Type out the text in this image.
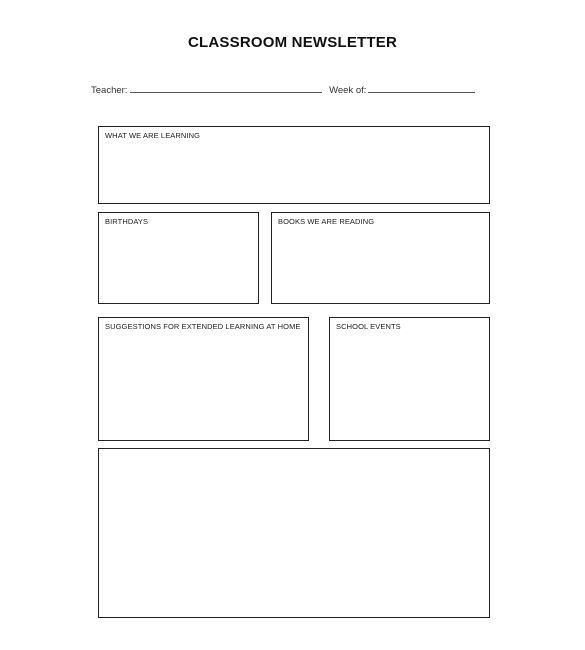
CLASSROOM NEWSLETTER
Teacher:	Week of:
WHAT WE ARE LEARNING
BIRTHDAYS	BOOKS WE ARE READING
SUGGESTIONS FOR EXTENDED LEARNING AT HOME	SCHOOL EVENTS
